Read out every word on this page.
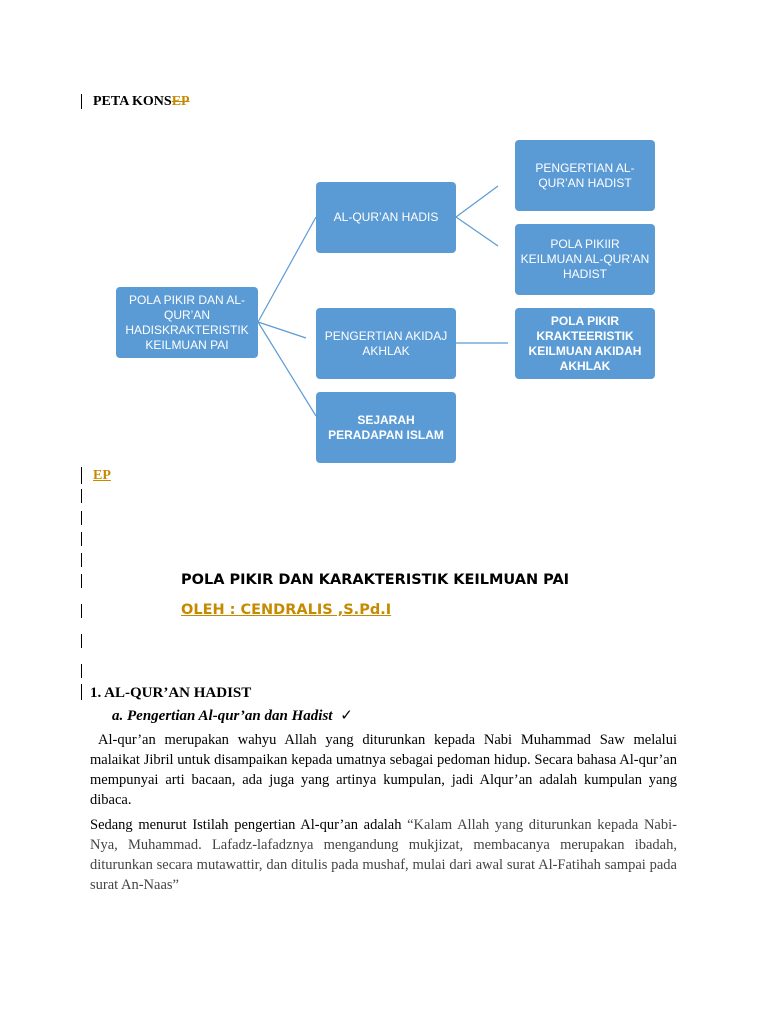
PETA KONSEP
POLA PIKIR DAN AL-QUR’AN HADISKRAKTERISTIK KEILMUAN PAI
AL-QUR’AN HADIS
PENGERTIAN AKIDAJ AKHLAK
SEJARAH PERADAPAN ISLAM
PENGERTIAN AL-QUR’AN HADIST
POLA PIKIIR KEILMUAN AL-QUR’AN HADIST
POLA PIKIR KRAKTEERISTIK KEILMUAN AKIDAH AKHLAK
EP
POLA PIKIR DAN KARAKTERISTIK KEILMUAN PAI
OLEH : CENDRALIS ,S.Pd.I
1. AL-QUR’AN HADIST
a. Pengertian Al-qur’an dan Hadist ✓
Al-qur’an merupakan wahyu Allah yang diturunkan kepada Nabi Muhammad Saw melalui malaikat Jibril untuk disampaikan kepada umatnya sebagai pedoman hidup. Secara bahasa Al-qur’an mempunyai arti bacaan, ada juga yang artinya kumpulan, jadi Alqur’an adalah kumpulan yang dibaca.
Sedang menurut Istilah pengertian Al-qur’an adalah “Kalam Allah yang diturunkan kepada Nabi-Nya, Muhammad. Lafadz-lafadznya mengandung mukjizat, membacanya merupakan ibadah, diturunkan secara mutawattir, dan ditulis pada mushaf, mulai dari awal surat Al-Fatihah sampai pada surat An-Naas”
